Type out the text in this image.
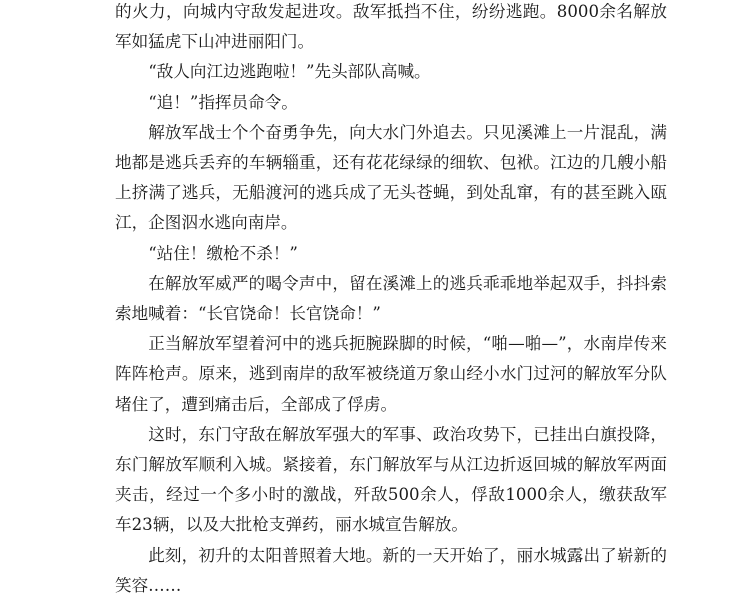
的火力，向城内守敌发起进攻。敌军抵挡不住，纷纷逃跑。8000余名解放军如猛虎下山冲进丽阳门。

“敌人向江边逃跑啦！”先头部队高喊。

“追！”指挥员命令。

解放军战士个个奋勇争先，向大水门外追去。只见溪滩上一片混乱，满地都是逃兵丢弃的车辆辎重，还有花花绿绿的细软、包袱。江边的几艘小船上挤满了逃兵，无船渡河的逃兵成了无头苍蝇，到处乱窜，有的甚至跳入瓯江，企图泅水逃向南岸。

“站住！缴枪不杀！”

在解放军威严的喝令声中，留在溪滩上的逃兵乖乖地举起双手，抖抖索索地喊着：“长官饶命！长官饶命！”

正当解放军望着河中的逃兵扼腕跺脚的时候，“啪—啪—”，水南岸传来阵阵枪声。原来，逃到南岸的敌军被绕道万象山经小水门过河的解放军分队堵住了，遭到痛击后，全部成了俘虏。

这时，东门守敌在解放军强大的军事、政治攻势下，已挂出白旗投降，东门解放军顺利入城。紧接着，东门解放军与从江边折返回城的解放军两面夹击，经过一个多小时的激战，歼敌500余人，俘敌1000余人，缴获敌军车23辆，以及大批枪支弹药，丽水城宣告解放。

此刻，初升的太阳普照着大地。新的一天开始了，丽水城露出了崭新的笑容……
